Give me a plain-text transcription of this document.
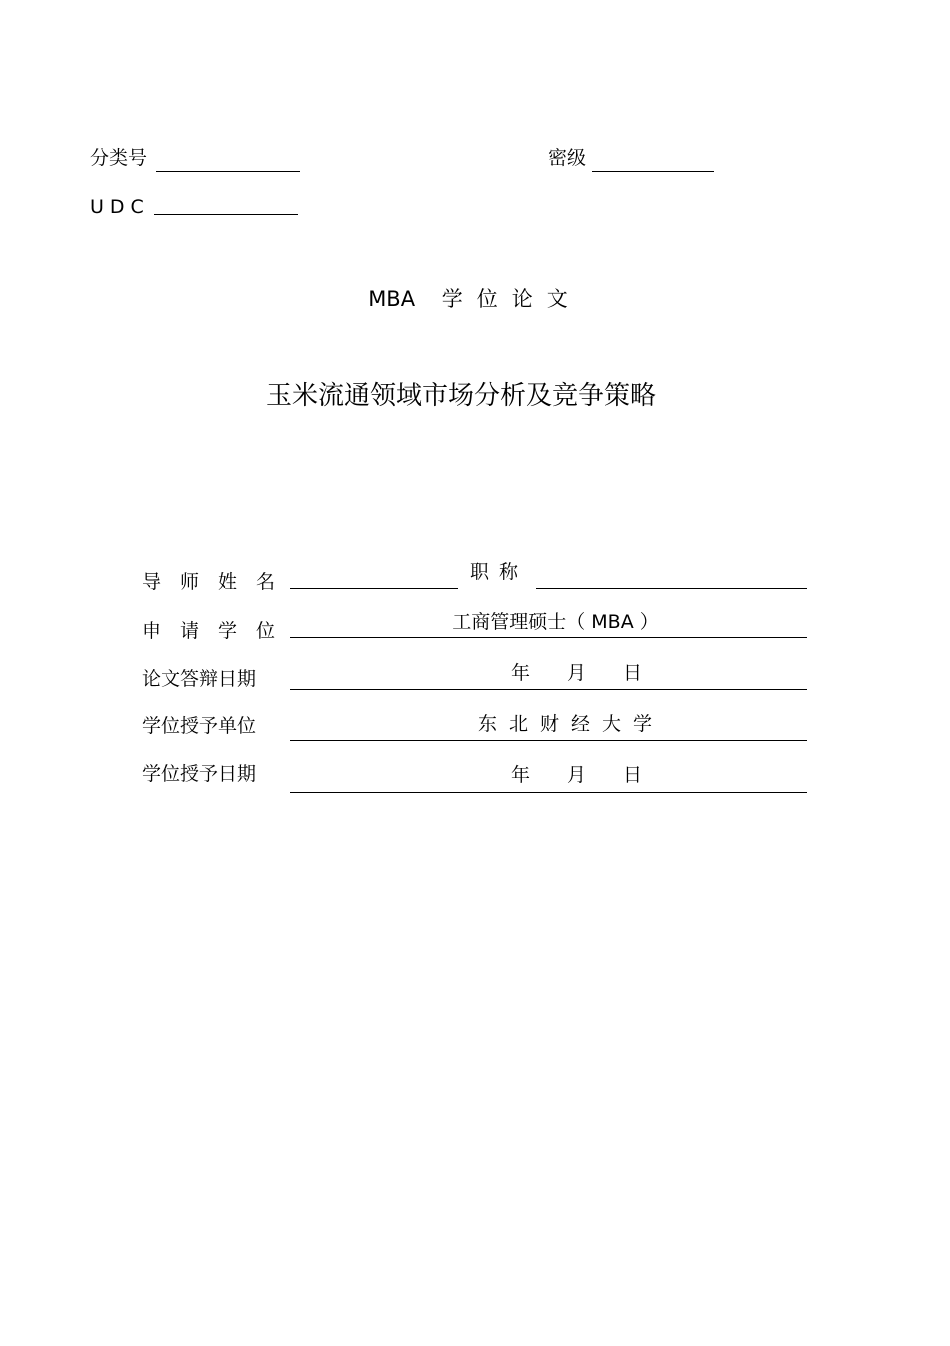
分类号	密级
UDC
MBA 学位论文
玉米流通领域市场分析及竞争策略
导师姓名	职称
申请学位	工商管理硕士（ MBA ）
论文答辩日期	年 月 日
学位授予单位	东北财经大学
学位授予日期	年 月 日
